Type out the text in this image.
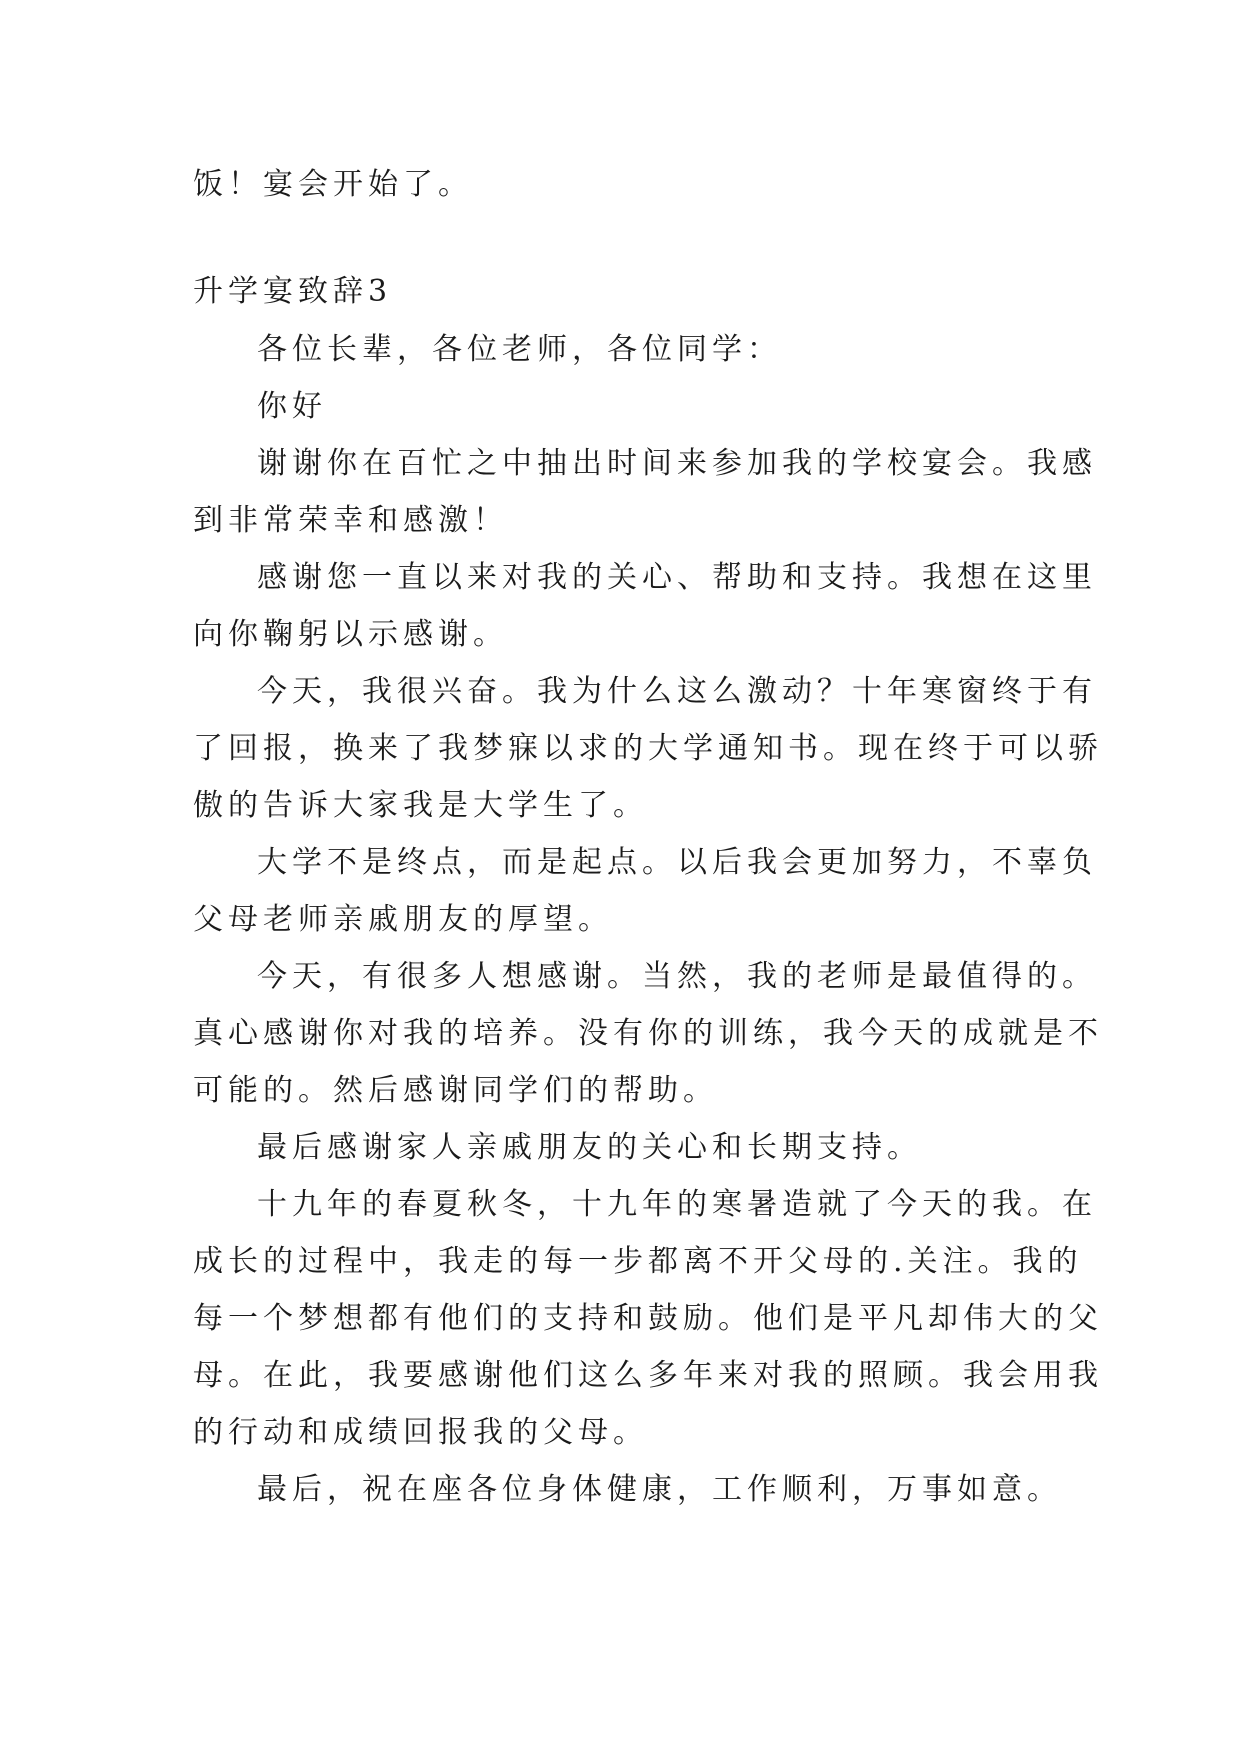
饭！宴会开始了。
升学宴致辞3
各位长辈，各位老师，各位同学：
你好
谢谢你在百忙之中抽出时间来参加我的学校宴会。我感
到非常荣幸和感激！
感谢您一直以来对我的关心、帮助和支持。我想在这里
向你鞠躬以示感谢。
今天，我很兴奋。我为什么这么激动？十年寒窗终于有
了回报，换来了我梦寐以求的大学通知书。现在终于可以骄
傲的告诉大家我是大学生了。
大学不是终点，而是起点。以后我会更加努力，不辜负
父母老师亲戚朋友的厚望。
今天，有很多人想感谢。当然，我的老师是最值得的。
真心感谢你对我的培养。没有你的训练，我今天的成就是不
可能的。然后感谢同学们的帮助。
最后感谢家人亲戚朋友的关心和长期支持。
十九年的春夏秋冬，十九年的寒暑造就了今天的我。在
成长的过程中，我走的每一步都离不开父母的.关注。我的
每一个梦想都有他们的支持和鼓励。他们是平凡却伟大的父
母。在此，我要感谢他们这么多年来对我的照顾。我会用我
的行动和成绩回报我的父母。
最后，祝在座各位身体健康，工作顺利，万事如意。
